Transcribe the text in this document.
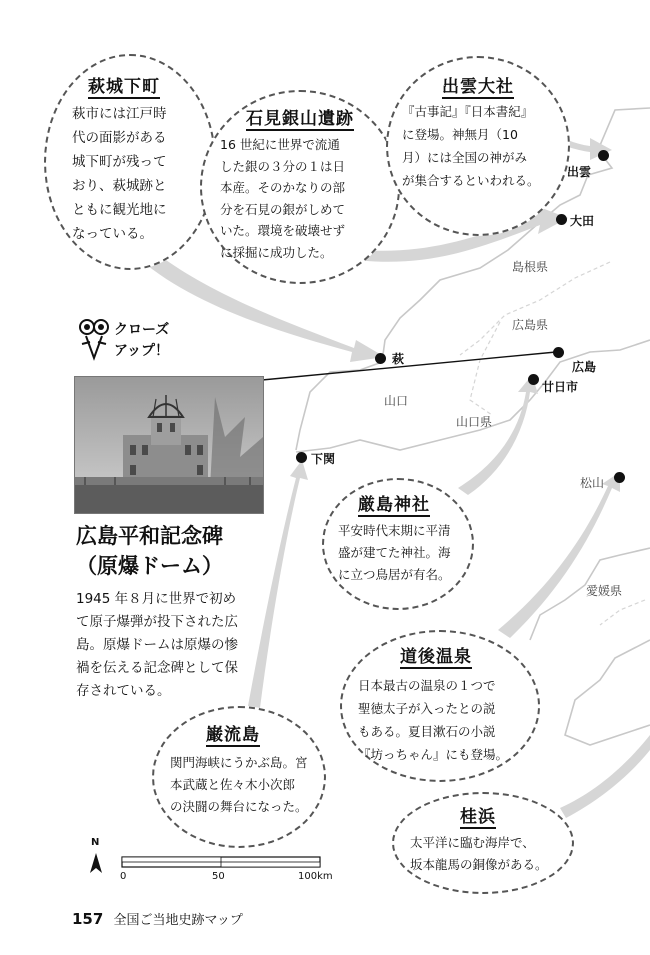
出雲
大田
島根県
広島県
萩
広島
廿日市
山口
山口県
下関
松山
愛媛県
萩城下町
萩市には江戸時
代の面影がある
城下町が残って
おり、萩城跡と
ともに観光地に
なっている。
石見銀山遺跡
16 世紀に世界で流通
した銀の３分の１は日
本産。そのかなりの部
分を石見の銀がしめて
いた。環境を破壊せず
に採掘に成功した。
出雲大社
『古事記』『日本書紀』
に登場。神無月（10
月）には全国の神がみ
が集合するといわれる。
厳島神社
平安時代末期に平清
盛が建てた神社。海
に立つ鳥居が有名。
道後温泉
日本最古の温泉の１つで
聖徳太子が入ったとの説
もある。夏目漱石の小説
『坊っちゃん』にも登場。
巌流島
関門海峡にうかぶ島。宮
本武蔵と佐々木小次郎
の決闘の舞台になった。
桂浜
太平洋に臨む海岸で、
坂本龍馬の銅像がある。
クローズ
アップ！
広島平和記念碑
（原爆ドーム）
1945 年８月に世界で初め
て原子爆弾が投下された広
島。原爆ドームは原爆の惨
禍を伝える記念碑として保
存されている。
N
0	50	100km
157 全国ご当地史跡マップ
